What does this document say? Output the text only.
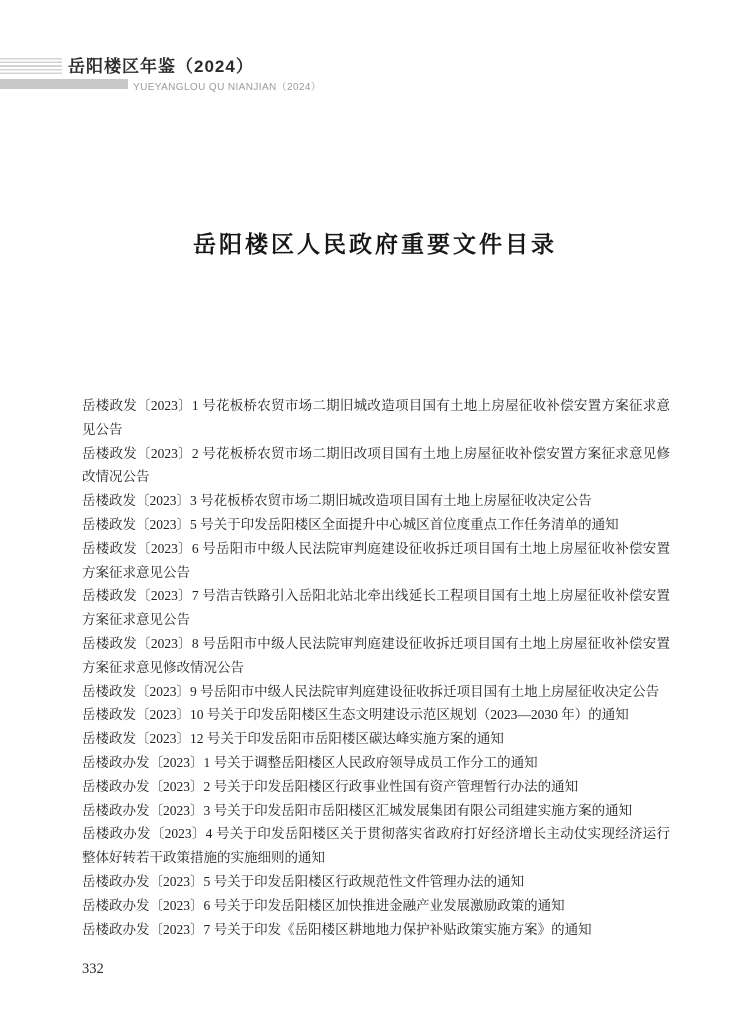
岳阳楼区年鉴（2024）
YUEYANGLOU QU NIANJIAN（2024）
岳阳楼区人民政府重要文件目录

岳楼政发〔2023〕1 号花板桥农贸市场二期旧城改造项目国有土地上房屋征收补偿安置方案征求意见公告

岳楼政发〔2023〕2 号花板桥农贸市场二期旧改项目国有土地上房屋征收补偿安置方案征求意见修改情况公告

岳楼政发〔2023〕3 号花板桥农贸市场二期旧城改造项目国有土地上房屋征收决定公告

岳楼政发〔2023〕5 号关于印发岳阳楼区全面提升中心城区首位度重点工作任务清单的通知

岳楼政发〔2023〕6 号岳阳市中级人民法院审判庭建设征收拆迁项目国有土地上房屋征收补偿安置方案征求意见公告

岳楼政发〔2023〕7 号浩吉铁路引入岳阳北站北牵出线延长工程项目国有土地上房屋征收补偿安置方案征求意见公告

岳楼政发〔2023〕8 号岳阳市中级人民法院审判庭建设征收拆迁项目国有土地上房屋征收补偿安置方案征求意见修改情况公告

岳楼政发〔2023〕9 号岳阳市中级人民法院审判庭建设征收拆迁项目国有土地上房屋征收决定公告

岳楼政发〔2023〕10 号关于印发岳阳楼区生态文明建设示范区规划（2023—2030 年）的通知

岳楼政发〔2023〕12 号关于印发岳阳市岳阳楼区碳达峰实施方案的通知

岳楼政办发〔2023〕1 号关于调整岳阳楼区人民政府领导成员工作分工的通知

岳楼政办发〔2023〕2 号关于印发岳阳楼区行政事业性国有资产管理暂行办法的通知

岳楼政办发〔2023〕3 号关于印发岳阳市岳阳楼区汇城发展集团有限公司组建实施方案的通知

岳楼政办发〔2023〕4 号关于印发岳阳楼区关于贯彻落实省政府打好经济增长主动仗实现经济运行整体好转若干政策措施的实施细则的通知

岳楼政办发〔2023〕5 号关于印发岳阳楼区行政规范性文件管理办法的通知

岳楼政办发〔2023〕6 号关于印发岳阳楼区加快推进金融产业发展激励政策的通知

岳楼政办发〔2023〕7 号关于印发《岳阳楼区耕地地力保护补贴政策实施方案》的通知

332
